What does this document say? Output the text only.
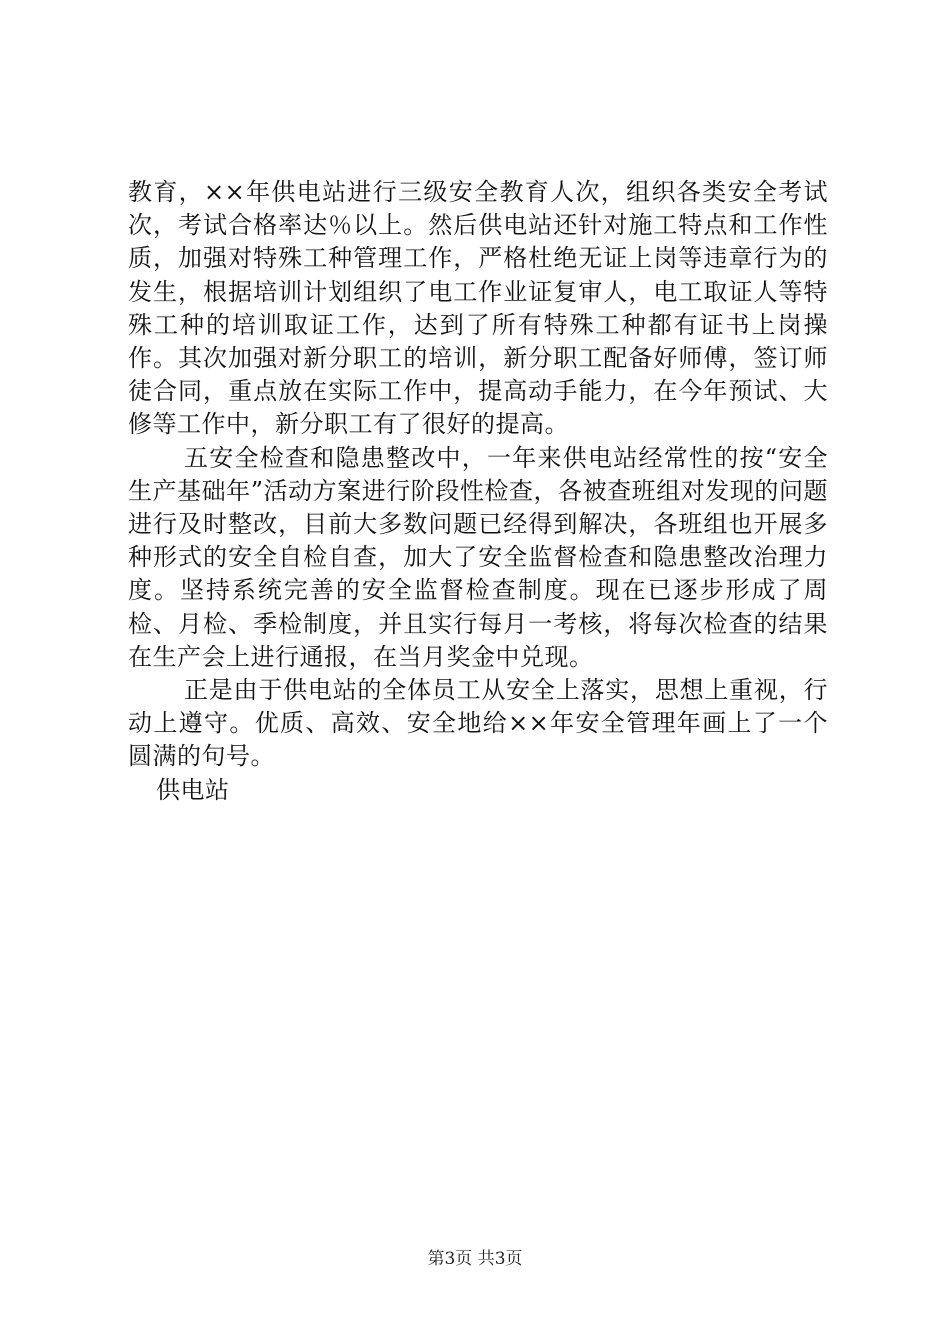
教育，××年供电站进行三级安全教育人次，组织各类安全考试次，考试合格率达％以上。然后供电站还针对施工特点和工作性质，加强对特殊工种管理工作，严格杜绝无证上岗等违章行为的发生，根据培训计划组织了电工作业证复审人，电工取证人等特殊工种的培训取证工作，达到了所有特殊工种都有证书上岗操作。其次加强对新分职工的培训，新分职工配备好师傅，签订师徒合同，重点放在实际工作中，提高动手能力，在今年预试、大修等工作中，新分职工有了很好的提高。

五安全检查和隐患整改中，一年来供电站经常性的按“安全生产基础年”活动方案进行阶段性检查，各被查班组对发现的问题进行及时整改，目前大多数问题已经得到解决，各班组也开展多种形式的安全自检自查，加大了安全监督检查和隐患整改治理力度。坚持系统完善的安全监督检查制度。现在已逐步形成了周检、月检、季检制度，并且实行每月一考核，将每次检查的结果在生产会上进行通报，在当月奖金中兑现。

正是由于供电站的全体员工从安全上落实，思想上重视，行动上遵守。优质、高效、安全地给××年安全管理年画上了一个圆满的句号。

供电站

第3页 共3页
